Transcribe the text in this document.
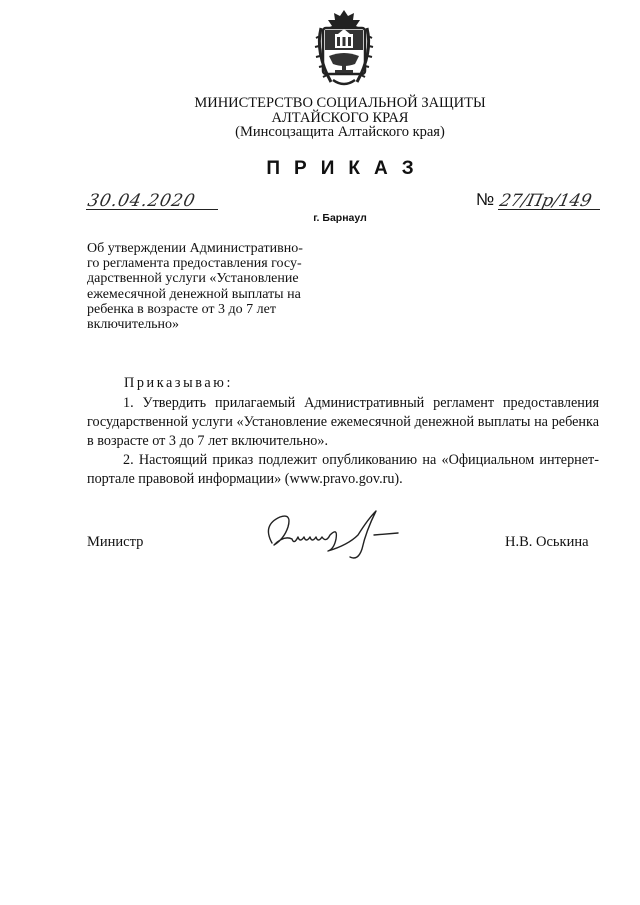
МИНИСТЕРСТВО СОЦИАЛЬНОЙ ЗАЩИТЫ
АЛТАЙСКОГО КРАЯ
(Минсоцзащита Алтайского края)
ПРИКАЗ
30.04.2020	№ 27/Пр/149
г. Барнаул
Об утверждении Административно-
го регламента предоставления госу-
дарственной услуги «Установление
ежемесячной денежной выплаты на
ребенка в возрасте от 3 до 7 лет
включительно»
Приказываю:
1. Утвердить прилагаемый Административный регламент предоставления государственной услуги «Установление ежемесячной денежной выплаты на ребенка в возрасте от 3 до 7 лет включительно».
2. Настоящий приказ подлежит опубликованию на «Официальном интернет-портале правовой информации» (www.pravo.gov.ru).
Министр	Н.В. Оськина
